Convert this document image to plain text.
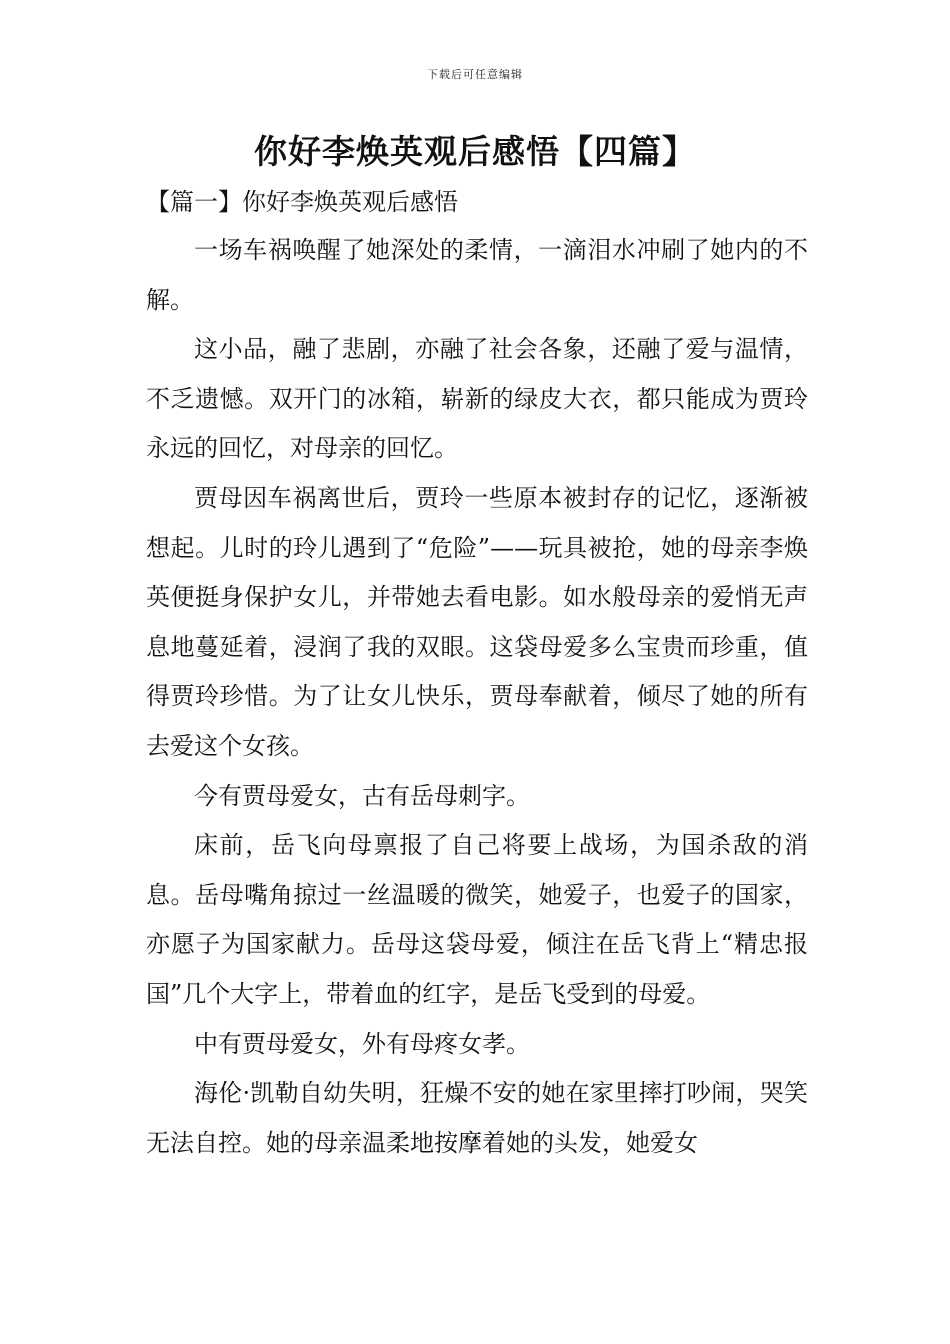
下载后可任意编辑
你好李焕英观后感悟【四篇】
【篇一】你好李焕英观后感悟

一场车祸唤醒了她深处的柔情，一滴泪水冲刷了她内的不解。

这小品，融了悲剧，亦融了社会各象，还融了爱与温情，不乏遗憾。双开门的冰箱，崭新的绿皮大衣，都只能成为贾玲永远的回忆，对母亲的回忆。

贾母因车祸离世后，贾玲一些原本被封存的记忆，逐渐被想起。儿时的玲儿遇到了“危险”——玩具被抢，她的母亲李焕英便挺身保护女儿，并带她去看电影。如水般母亲的爱悄无声息地蔓延着，浸润了我的双眼。这袋母爱多么宝贵而珍重，值得贾玲珍惜。为了让女儿快乐，贾母奉献着，倾尽了她的所有去爱这个女孩。

今有贾母爱女，古有岳母刺字。

床前，岳飞向母禀报了自己将要上战场，为国杀敌的消息。岳母嘴角掠过一丝温暖的微笑，她爱子，也爱子的国家，亦愿子为国家献力。岳母这袋母爱，倾注在岳飞背上“精忠报国”几个大字上，带着血的红字，是岳飞受到的母爱。

中有贾母爱女，外有母疼女孝。

海伦·凯勒自幼失明，狂燥不安的她在家里摔打吵闹，哭笑无法自控。她的母亲温柔地按摩着她的头发，她爱女
